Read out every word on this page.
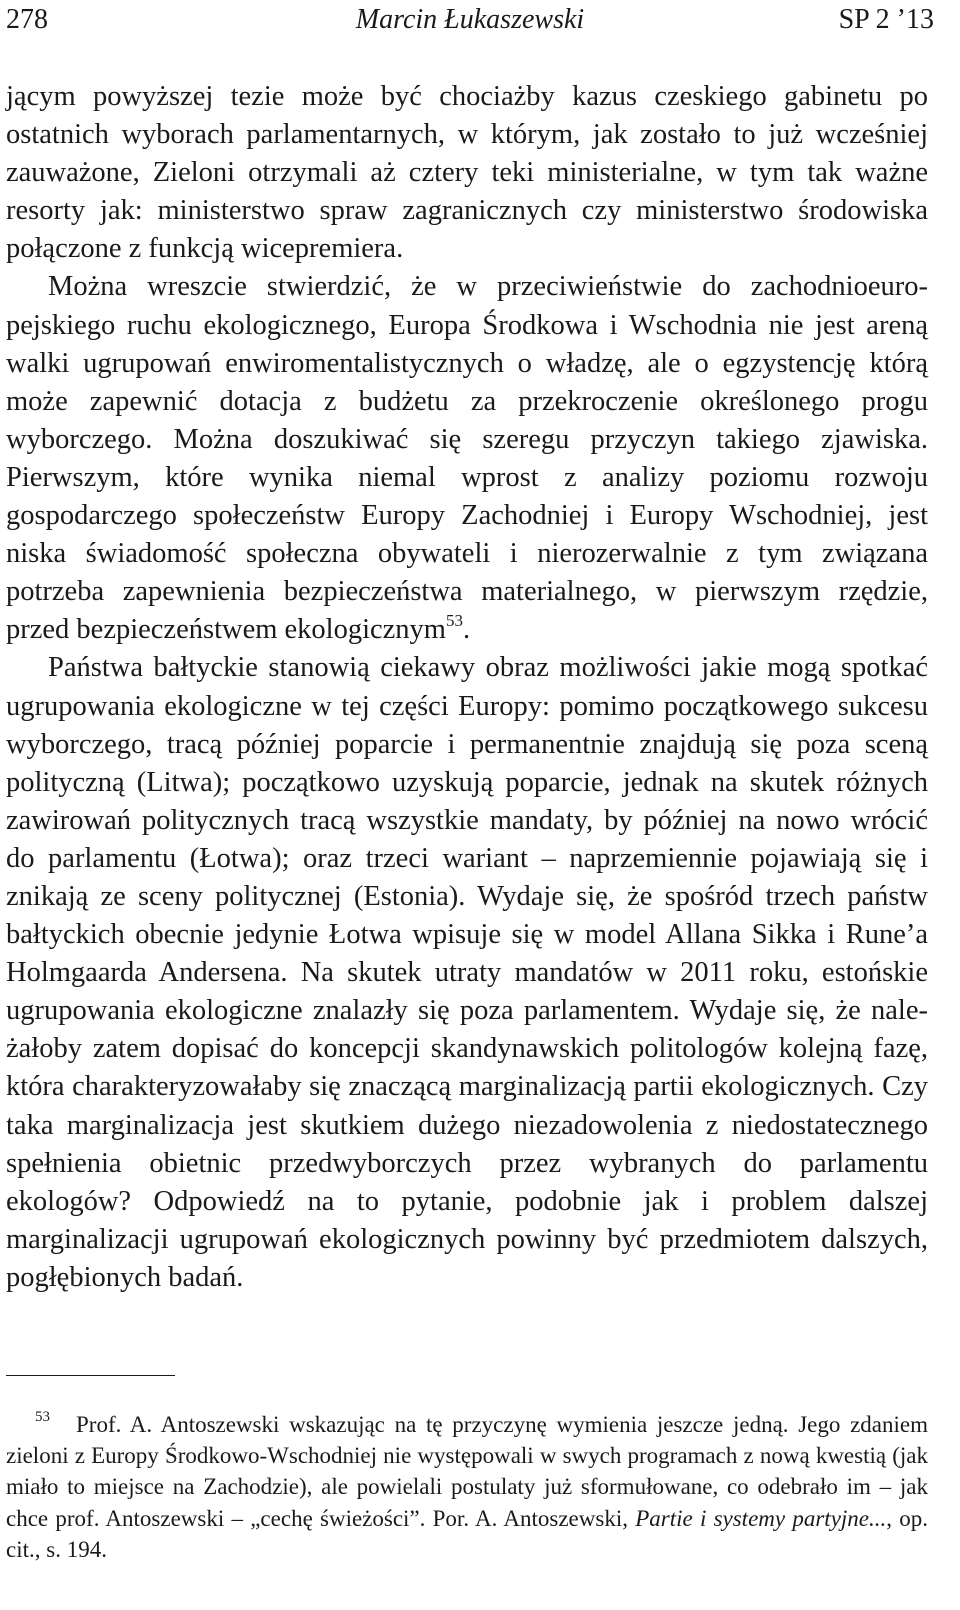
278	Marcin Łukaszewski	SP 2 ’13

jącym powyższej tezie może być chociażby kazus czeskiego gabinetu po ostatnich wyborach parlamentarnych, w którym, jak zostało to już wcześniej zauważone, Zieloni otrzymali aż cztery teki ministerialne, w tym tak ważne resorty jak: ministerstwo spraw zagranicznych czy ministerstwo środowiska połączone z funkcją wicepremiera.

Można wreszcie stwierdzić, że w przeciwieństwie do zachodnioeuropejskiego ruchu ekologicznego, Europa Środkowa i Wschodnia nie jest areną walki ugrupowań enwiromentalistycznych o władzę, ale o egzystencję którą może zapewnić dotacja z budżetu za przekroczenie określonego progu wyborczego. Można doszukiwać się szeregu przyczyn takiego zjawiska. Pierwszym, które wynika niemal wprost z analizy poziomu rozwoju gospodarczego społeczeństw Europy Zachodniej i Europy Wschodniej, jest niska świadomość społeczna obywateli i nierozerwalnie z tym związana potrzeba zapewnienia bezpieczeństwa materialnego, w pierwszym rzędzie, przed bezpieczeństwem ekologicznym$^{53}$.

Państwa bałtyckie stanowią ciekawy obraz możliwości jakie mogą spotkać ugrupowania ekologiczne w tej części Europy: pomimo początkowego sukcesu wyborczego, tracą później poparcie i permanentnie znajdują się poza sceną polityczną (Litwa); początkowo uzyskują poparcie, jednak na skutek różnych zawirowań politycznych tracą wszystkie mandaty, by później na nowo wrócić do parlamentu (Łotwa); oraz trzeci wariant – naprzemiennie pojawiają się i znikają ze sceny politycznej (Estonia). Wydaje się, że spośród trzech państw bałtyckich obecnie jedynie Łotwa wpisuje się w model Allana Sikka i Rune’a Holmgaarda Andersena. Na skutek utraty mandatów w 2011 roku, estońskie ugrupowania ekologiczne znalazły się poza parlamentem. Wydaje się, że należałoby zatem dopisać do koncepcji skandynawskich politologów kolejną fazę, która charakteryzowałaby się znaczącą marginalizacją partii ekologicznych. Czy taka marginalizacja jest skutkiem dużego niezadowolenia z niedostatecznego spełnienia obietnic przedwyborczych przez wybranych do parlamentu ekologów? Odpowiedź na to pytanie, podobnie jak i problem dalszej marginalizacji ugrupowań ekologicznych powinny być przedmiotem dalszych, pogłębionych badań.

53 Prof. A. Antoszewski wskazując na tę przyczynę wymienia jeszcze jedną. Jego zdaniem zieloni z Europy Środkowo-Wschodniej nie występowali w swych programach z nową kwestią (jak miało to miejsce na Zachodzie), ale powielali postulaty już sformułowane, co odebrało im – jak chce prof. Antoszewski – „cechę świeżości”. Por. A. Antoszewski, Partie i systemy partyjne..., op. cit., s. 194.
